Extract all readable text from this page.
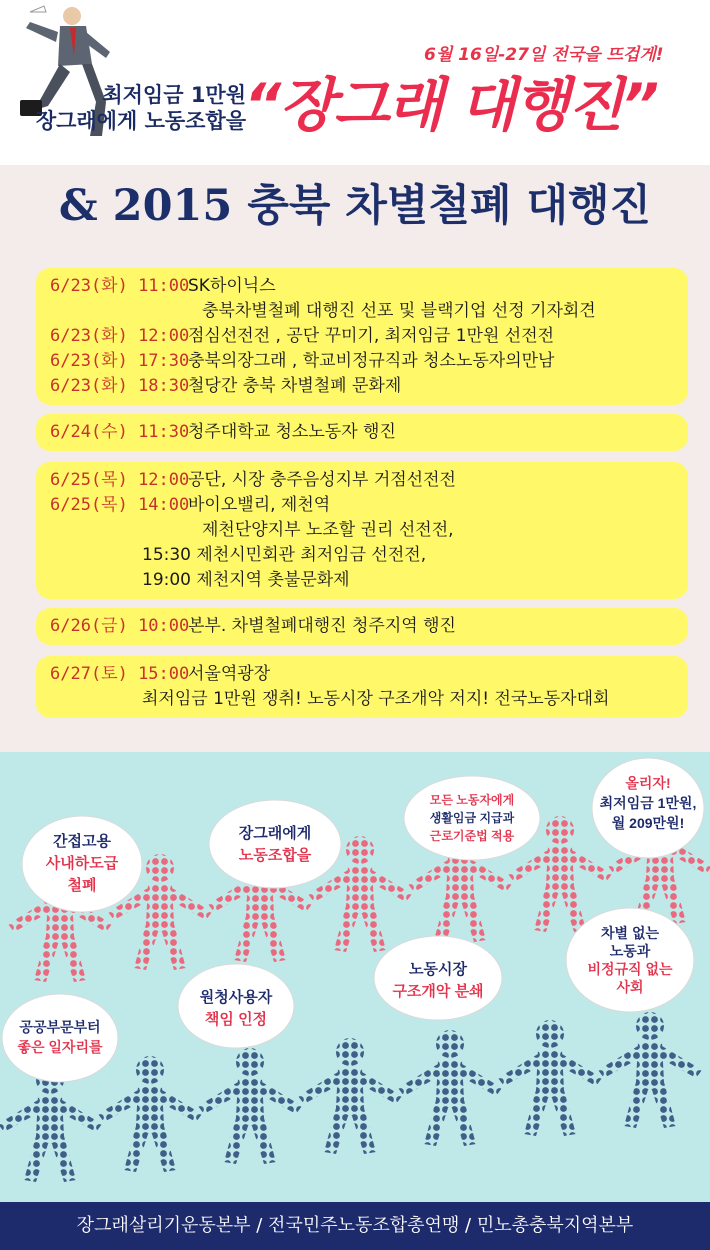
최저임금 1만원
장그래에게 노동조합을
6월 16일-27일 전국을 뜨겁게!
“장그래 대행진”
& 2015 충북 차별철폐 대행진
6/23(화) 11:00
SK하이닉스
충북차별철폐 대행진 선포 및 블랙기업 선정 기자회견
6/23(화) 12:00
점심선전전 , 공단 꾸미기, 최저임금 1만원 선전전
6/23(화) 17:30
충북의장그래 , 학교비정규직과 청소노동자의만남
6/23(화) 18:30
철당간 충북 차별철폐 문화제
6/24(수) 11:30
청주대학교 청소노동자 행진
6/25(목) 12:00
공단, 시장 충주음성지부 거점선전전
6/25(목) 14:00
바이오밸리, 제천역
제천단양지부 노조할 권리 선전전,
15:30 제천시민회관 최저임금 선전전,
19:00 제천지역 촛불문화제
6/26(금) 10:00
본부. 차별철폐대행진 청주지역 행진
6/27(토) 15:00
서울역광장
최저임금 1만원 쟁취! 노동시장 구조개악 저지! 전국노동자대회
간접고용
사내하도급
철폐
장그래에게
노동조합을
모든 노동자에게
생활임금 지급과
근로기준법 적용
올리자!
최저임금 1만원,
월 209만원!
공공부문부터
좋은 일자리를
원청사용자
책임 인정
노동시장
구조개악 분쇄
차별 없는
노동과
비정규직 없는
사회
장그래살리기운동본부 / 전국민주노동조합총연맹 / 민노총충북지역본부
